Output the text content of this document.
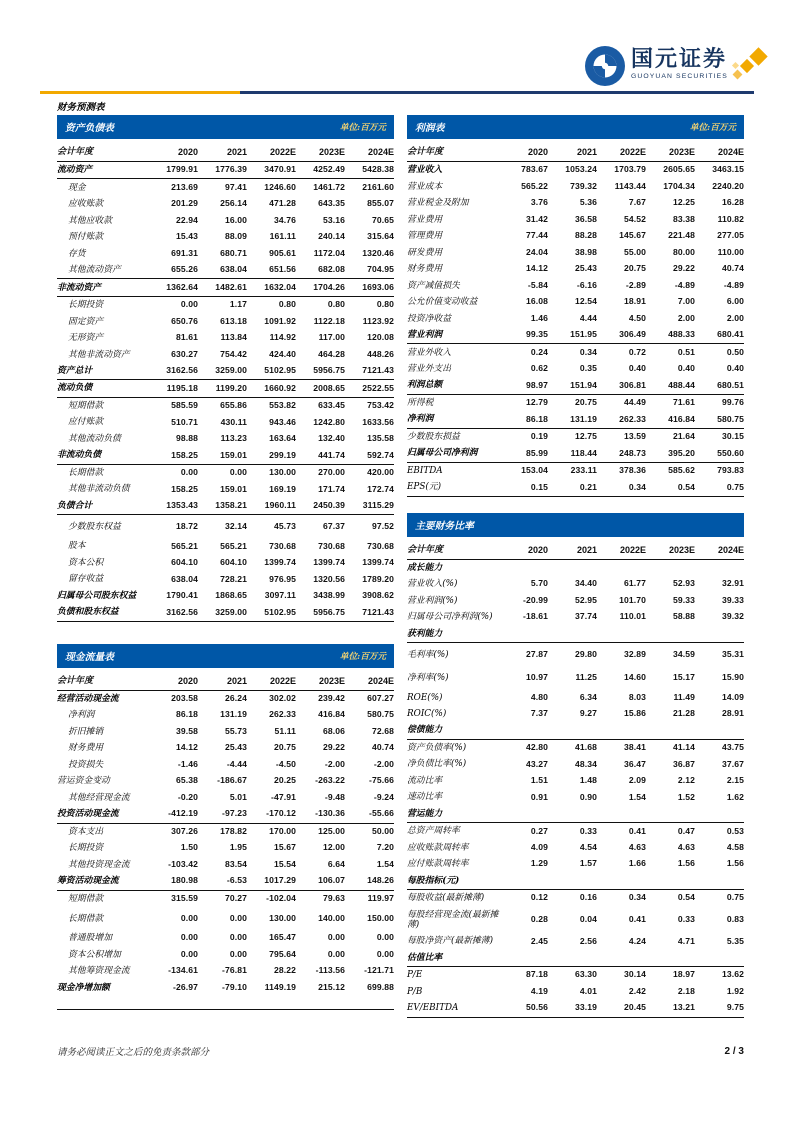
国元证券
GUOYUAN SECURITIES
财务预测表
资产负债表	单位:百万元
会计年度	2020	2021	2022E	2023E	2024E
流动资产	1799.91	1776.39	3470.91	4252.49	5428.38
现金	213.69	97.41	1246.60	1461.72	2161.60
应收账款	201.29	256.14	471.28	643.35	855.07
其他应收款	22.94	16.00	34.76	53.16	70.65
预付账款	15.43	88.09	161.11	240.14	315.64
存货	691.31	680.71	905.61	1172.04	1320.46
其他流动资产	655.26	638.04	651.56	682.08	704.95
非流动资产	1362.64	1482.61	1632.04	1704.26	1693.06
长期投资	0.00	1.17	0.80	0.80	0.80
固定资产	650.76	613.18	1091.92	1122.18	1123.92
无形资产	81.61	113.84	114.92	117.00	120.08
其他非流动资产	630.27	754.42	424.40	464.28	448.26
资产总计	3162.56	3259.00	5102.95	5956.75	7121.43
流动负债	1195.18	1199.20	1660.92	2008.65	2522.55
短期借款	585.59	655.86	553.82	633.45	753.42
应付账款	510.71	430.11	943.46	1242.80	1633.56
其他流动负债	98.88	113.23	163.64	132.40	135.58
非流动负债	158.25	159.01	299.19	441.74	592.74
长期借款	0.00	0.00	130.00	270.00	420.00
其他非流动负债	158.25	159.01	169.19	171.74	172.74
负债合计	1353.43	1358.21	1960.11	2450.39	3115.29
少数股东权益	18.72	32.14	45.73	67.37	97.52
股本	565.21	565.21	730.68	730.68	730.68
资本公积	604.10	604.10	1399.74	1399.74	1399.74
留存收益	638.04	728.21	976.95	1320.56	1789.20
归属母公司股东权益	1790.41	1868.65	3097.11	3438.99	3908.62
负债和股东权益	3162.56	3259.00	5102.95	5956.75	7121.43
现金流量表	单位:百万元
会计年度	2020	2021	2022E	2023E	2024E
经营活动现金流	203.58	26.24	302.02	239.42	607.27
净利润	86.18	131.19	262.33	416.84	580.75
折旧摊销	39.58	55.73	51.11	68.06	72.68
财务费用	14.12	25.43	20.75	29.22	40.74
投资损失	-1.46	-4.44	-4.50	-2.00	-2.00
营运资金变动	65.38	-186.67	20.25	-263.22	-75.66
其他经营现金流	-0.20	5.01	-47.91	-9.48	-9.24
投资活动现金流	-412.19	-97.23	-170.12	-130.36	-55.66
资本支出	307.26	178.82	170.00	125.00	50.00
长期投资	1.50	1.95	15.67	12.00	7.20
其他投资现金流	-103.42	83.54	15.54	6.64	1.54
筹资活动现金流	180.98	-6.53	1017.29	106.07	148.26
短期借款	315.59	70.27	-102.04	79.63	119.97
长期借款	0.00	0.00	130.00	140.00	150.00
普通股增加	0.00	0.00	165.47	0.00	0.00
资本公积增加	0.00	0.00	795.64	0.00	0.00
其他筹资现金流	-134.61	-76.81	28.22	-113.56	-121.71
现金净增加额	-26.97	-79.10	1149.19	215.12	699.88

利润表	单位:百万元
会计年度	2020	2021	2022E	2023E	2024E
营业收入	783.67	1053.24	1703.79	2605.65	3463.15
营业成本	565.22	739.32	1143.44	1704.34	2240.20
营业税金及附加	3.76	5.36	7.67	12.25	16.28
营业费用	31.42	36.58	54.52	83.38	110.82
管理费用	77.44	88.28	145.67	221.48	277.05
研发费用	24.04	38.98	55.00	80.00	110.00
财务费用	14.12	25.43	20.75	29.22	40.74
资产减值损失	-5.84	-6.16	-2.89	-4.89	-4.89
公允价值变动收益	16.08	12.54	18.91	7.00	6.00
投资净收益	1.46	4.44	4.50	2.00	2.00
营业利润	99.35	151.95	306.49	488.33	680.41
营业外收入	0.24	0.34	0.72	0.51	0.50
营业外支出	0.62	0.35	0.40	0.40	0.40
利润总额	98.97	151.94	306.81	488.44	680.51
所得税	12.79	20.75	44.49	71.61	99.76
净利润	86.18	131.19	262.33	416.84	580.75
少数股东损益	0.19	12.75	13.59	21.64	30.15
归属母公司净利润	85.99	118.44	248.73	395.20	550.60
EBITDA	153.04	233.11	378.36	585.62	793.83
EPS(元)	0.15	0.21	0.34	0.54	0.75
主要财务比率
会计年度	2020	2021	2022E	2023E	2024E
成长能力					
营业收入(%)	5.70	34.40	61.77	52.93	32.91
营业利润(%)	-20.99	52.95	101.70	59.33	39.33
归属母公司净利润(%)	-18.61	37.74	110.01	58.88	39.32
获利能力					
毛利率(%)	27.87	29.80	32.89	34.59	35.31
净利率(%)	10.97	11.25	14.60	15.17	15.90
ROE(%)	4.80	6.34	8.03	11.49	14.09
ROIC(%)	7.37	9.27	15.86	21.28	28.91
偿债能力					
资产负债率(%)	42.80	41.68	38.41	41.14	43.75
净负债比率(%)	43.27	48.34	36.47	36.87	37.67
流动比率	1.51	1.48	2.09	2.12	2.15
速动比率	0.91	0.90	1.54	1.52	1.62
营运能力					
总资产周转率	0.27	0.33	0.41	0.47	0.53
应收账款周转率	4.09	4.54	4.63	4.63	4.58
应付账款周转率	1.29	1.57	1.66	1.56	1.56
每股指标(元)					
每股收益(最新摊薄)	0.12	0.16	0.34	0.54	0.75
每股经营现金流(最新摊薄)	0.28	0.04	0.41	0.33	0.83
每股净资产(最新摊薄)	2.45	2.56	4.24	4.71	5.35
估值比率					
P/E	87.18	63.30	30.14	18.97	13.62
P/B	4.19	4.01	2.42	2.18	1.92
EV/EBITDA	50.56	33.19	20.45	13.21	9.75
请务必阅读正文之后的免责条款部分	2 / 3
